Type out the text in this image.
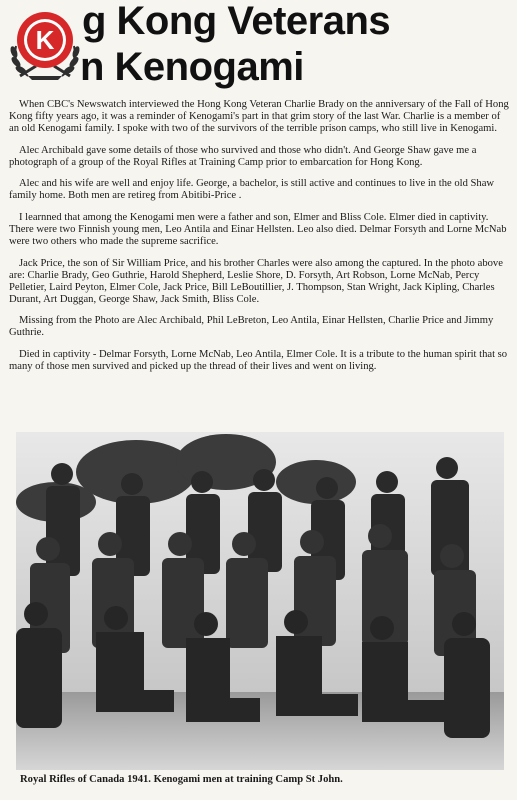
K g Kong Veterans
n Kenogami

When CBC's Newswatch interviewed the Hong Kong Veteran Charlie Brady on the anniversary of the Fall of Hong Kong fifty years ago, it was a reminder of Kenogami's part in that grim story of the last War. Charlie is a member of an old Kenogami family. I spoke with two of the survivors of the terrible prison camps, who still live in Kenogami.

Alec Archibald gave some details of those who survived and those who didn't. And George Shaw gave me a photograph of a group of the Royal Rifles at Training Camp prior to embarcation for Hong Kong.

Alec and his wife are well and enjoy life. George, a bachelor, is still active and continues to live in the old Shaw family home. Both men are retireg from Abitibi-Price .

I learnned that among the Kenogami men were a father and son, Elmer and Bliss Cole. Elmer died in captivity. There were two Finnish young men, Leo Antila and Einar Hellsten. Leo also died. Delmar Forsyth and Lorne McNab were two others who made the supreme sacrifice.

Jack Price, the son of Sir William Price, and his brother Charles were also among the captured. In the photo above are: Charlie Brady, Geo Guthrie, Harold Shepherd, Leslie Shore, D. Forsyth, Art Robson, Lorne McNab, Percy Pelletier, Laird Peyton, Elmer Cole, Jack Price, Bill LeBoutillier, J. Thompson, Stan Wright, Jack Kipling, Charles Durant, Art Duggan, George Shaw, Jack Smith, Bliss Cole.

Missing from the Photo are Alec Archibald, Phil LeBreton, Leo Antila, Einar Hellsten, Charlie Price and Jimmy Guthrie.

Died in captivity - Delmar Forsyth, Lorne McNab, Leo Antila, Elmer Cole. It is a tribute to the human spirit that so many of those men survived and picked up the thread of their lives and went on living.

Royal Rifles of Canada 1941. Kenogami men at training Camp St John.
